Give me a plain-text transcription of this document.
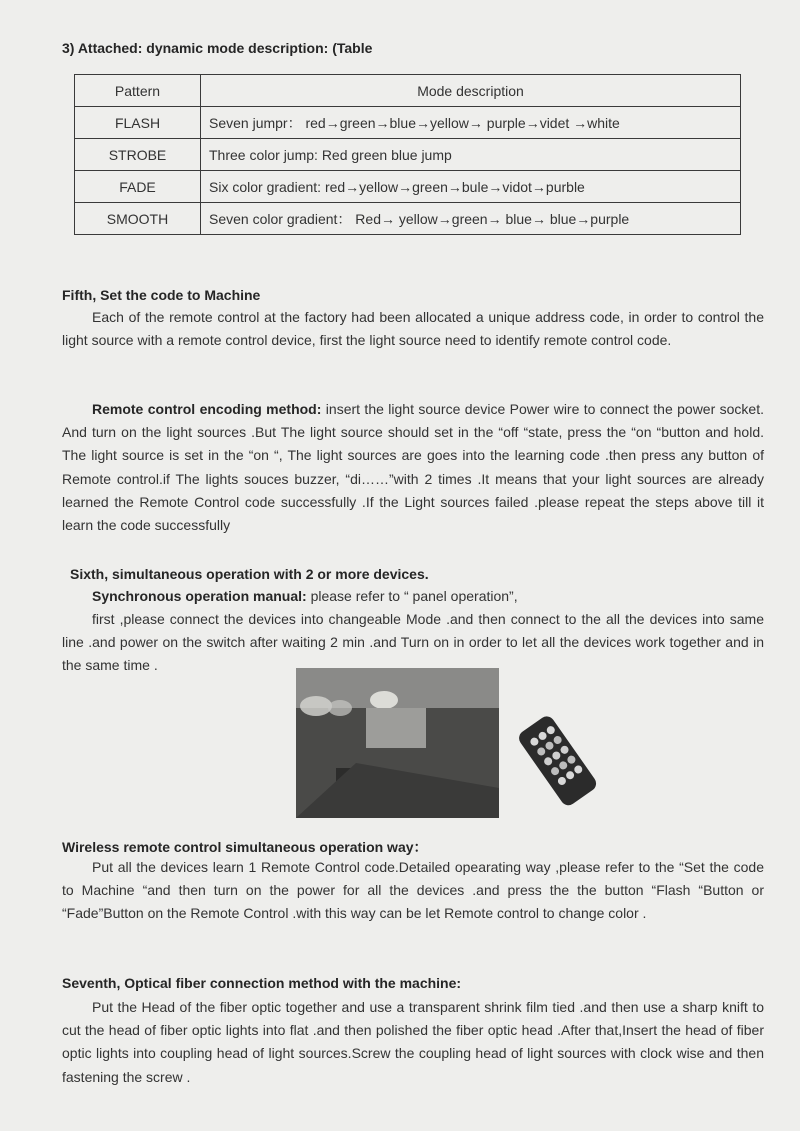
3) Attached: dynamic mode description: (Table
Pattern	Mode description
FLASH	Seven jumpr： red→green→blue→yellow→ purple→videt →white
STROBE	Three color jump: Red green blue jump
FADE	Six color gradient: red→yellow→green→bule→vidot→purble
SMOOTH	Seven color gradient： Red→ yellow→green→ blue→ blue→purple
Fifth, Set the code to Machine
Each of the remote control at the factory had been allocated a unique address code, in order to control the light source with a remote control device, first the light source need to identify remote control code.
Remote control encoding method: insert the light source device Power wire to connect the power socket. And turn on the light sources .But The light source should set in the “off “state, press the “on “button and hold. The light source is set in the “on “, The light sources are goes into the learning code .then press any button of Remote control.if The lights souces buzzer, “di……”with 2 times .It means that your light sources are already learned the Remote Control code successfully .If the Light sources failed .please repeat the steps above till it learn the code successfully
Sixth, simultaneous operation with 2 or more devices.
Synchronous operation manual: please refer to “ panel operation”,
first ,please connect the devices into changeable Mode .and then connect to the all the devices into same line .and power on the switch after waiting 2 min .and Turn on in order to let all the devices work together and in the same time .
Wireless remote control simultaneous operation way：
Put all the devices learn 1 Remote Control code.Detailed opearating way ,please refer to the “Set the code to Machine “and then turn on the power for all the devices .and press the the button “Flash “Button or “Fade”Button on the Remote Control .with this way can be let Remote control to change color .
Seventh, Optical fiber connection method with the machine:
Put the Head of the fiber optic together and use a transparent shrink film tied .and then use a sharp knift to cut the head of fiber optic lights into flat .and then polished the fiber optic head .After that,Insert the head of fiber optic lights into coupling head of light sources.Screw the coupling head of light sources with clock wise and then fastening the screw .
